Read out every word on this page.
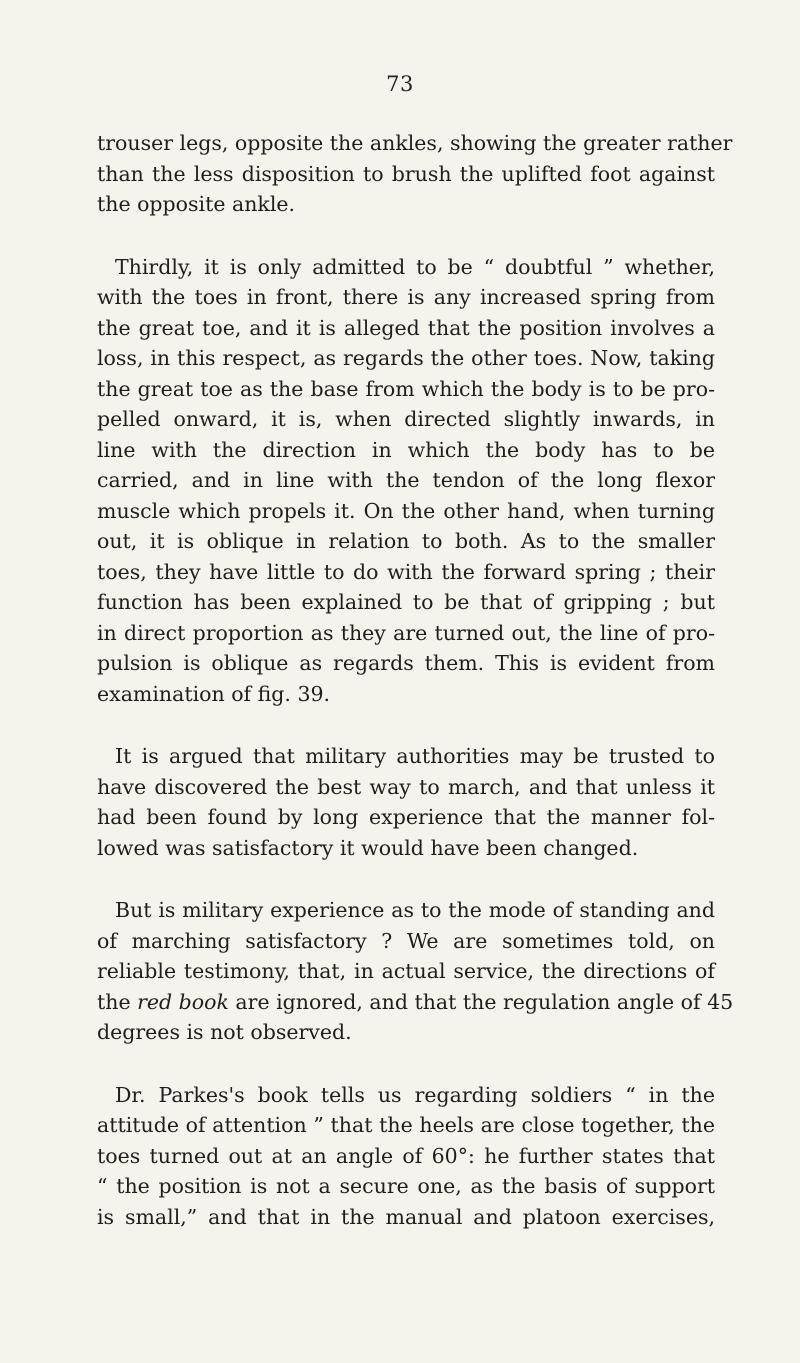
73
trouser legs, opposite the ankles, showing the greater rather
than the less disposition to brush the uplifted foot against
the opposite ankle.
Thirdly, it is only admitted to be “ doubtful ” whether,
with the toes in front, there is any increased spring from
the great toe, and it is alleged that the position involves a
loss, in this respect, as regards the other toes. Now, taking
the great toe as the base from which the body is to be pro-
pelled onward, it is, when directed slightly inwards, in
line with the direction in which the body has to be
carried, and in line with the tendon of the long flexor
muscle which propels it. On the other hand, when turning
out, it is oblique in relation to both. As to the smaller
toes, they have little to do with the forward spring ; their
function has been explained to be that of gripping ; but
in direct proportion as they are turned out, the line of pro-
pulsion is oblique as regards them. This is evident from
examination of fig. 39.
It is argued that military authorities may be trusted to
have discovered the best way to march, and that unless it
had been found by long experience that the manner fol-
lowed was satisfactory it would have been changed.
But is military experience as to the mode of standing and
of marching satisfactory ? We are sometimes told, on
reliable testimony, that, in actual service, the directions of
the red book are ignored, and that the regulation angle of 45
degrees is not observed.
Dr. Parkes's book tells us regarding soldiers “ in the
attitude of attention ” that the heels are close together, the
toes turned out at an angle of 60°: he further states that
“ the position is not a secure one, as the basis of support
is small,” and that in the manual and platoon exercises,
